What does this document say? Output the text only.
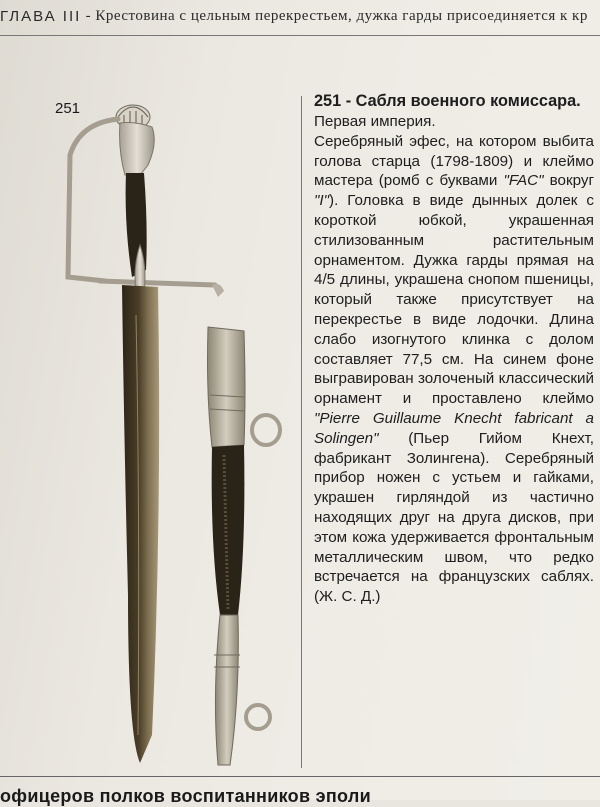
ГЛАВА III - Крестовина с цельным перекрестьем, дужка гарды присоединяется к кр
251	251 - Сабля военного комиссара.

Первая империя.

Серебряный эфес, на котором выбита голова старца (1798-1809) и клеймо мастера (ромб с буквами "FAC" вокруг "I"). Головка в виде дынных долек с короткой юбкой, украшенная стилизованным растительным орнаментом. Дужка гарды прямая на 4/5 длины, украшена снопом пшеницы, который также присутствует на перекрестье в виде лодочки. Длина слабо изогнутого клинка с долом составляет 77,5 см. На синем фоне выгравирован золоченый классический орнамент и проставлено клеймо "Pierre Guillaume Knecht fabricant a Solingen" (Пьер Гийом Кнехт, фабрикант Золингена). Серебряный прибор ножен с устьем и гайками, украшен гирляндой из частично находящих друг на друга дисков, при этом кожа удерживается фронтальным металлическим швом, что редко встречается на французских саблях. (Ж. С. Д.)

офицеров полков воспитанников эполи
